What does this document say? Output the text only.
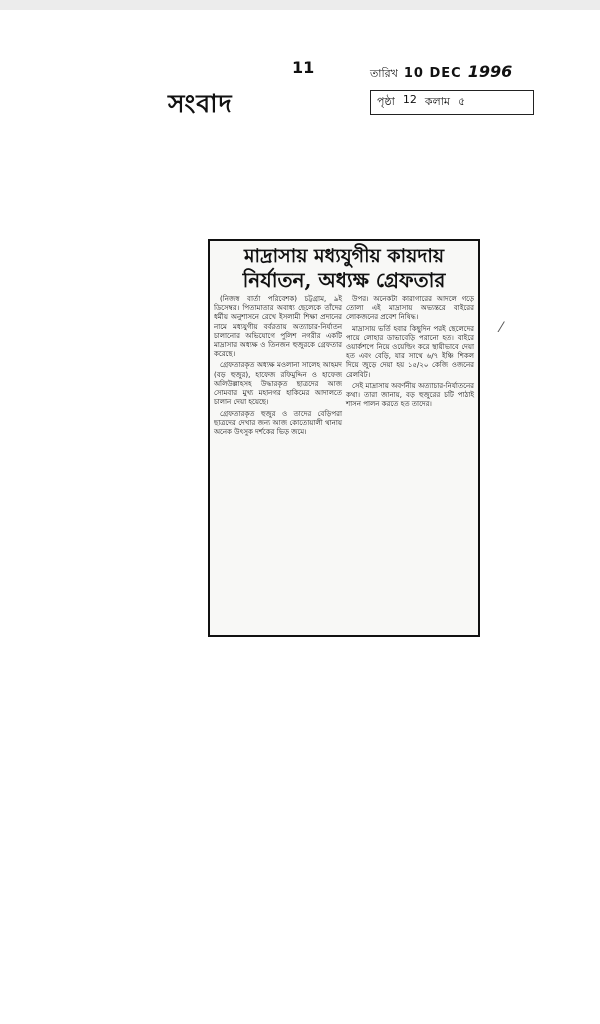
11
সংবাদ
তারিখ 10 DEC 1996
পৃষ্ঠা 12 কলাম ৫
মাদ্রাসায় মধ্যযুগীয় কায়দায়
নির্যাতন, অধ্যক্ষ গ্রেফতার

(নিজস্ব বার্তা পরিবেশক) চট্টগ্রাম, ৯ই ডিসেম্বর। পিতামাতার অবাধ্য ছেলেকে তাঁদের ধর্মীয় অনুশাসনে রেখে ইসলামী শিক্ষা প্রদানের নামে মধ্যযুগীয় বর্বরতায় অত্যাচার-নির্যাতন চালানোর অভিযোগে পুলিশ নগরীর একটি মাদ্রাসার অধ্যক্ষ ও তিনজন হুজুরকে গ্রেফতার করেছে।

গ্রেফতারকৃত অধ্যক্ষ মওলানা সালেহ আহমদ (বড় হুজুর), হাফেজ রফিমুদ্দিন ও হাফেজ অলিউল্লাহসহ উদ্ধারকৃত ছাত্রদের আজ সোমবার মুখ্য মহানগর হাকিমের আদালতে চালান দেয়া হয়েছে।

গ্রেফতারকৃত হুজুর ও তাদের বেড়িপরা ছাত্রদের দেখার জন্য আজ কোতোয়ালী থানায় অনেক উৎসুক দর্শকের ভিড় জমে।

উপর। অনেকটা কারাগারের আদলে গড়ে তোলা এই মাদ্রাসায় অভ্যন্তরে বাইরের লোকজনের প্রবেশ নিষিদ্ধ।

মাদ্রাসায় ভর্তি হবার কিছুদিন পরই ছেলেদের পায়ে লোহার ডাভাবেড়ি পরানো হত। বাইরে ওয়ার্কশপে নিয়ে ওয়েল্ডিং করে স্থায়ীভাবে দেয়া হত এবং বেড়ি, যার সাথে ৬/৭ ইঞ্চি শিকল দিয়ে জুড়ে দেয়া হয় ১৫/২০ কেজি ওজনের রেলবিট।

সেই মাদ্রাসায় অবর্ণনীয় অত্যাচার-নির্যাতনের কথা। তারা জানায়, বড় হুজুরের চটি পাঠাই শাসন পালন করতে হত তাদের।

⁄
